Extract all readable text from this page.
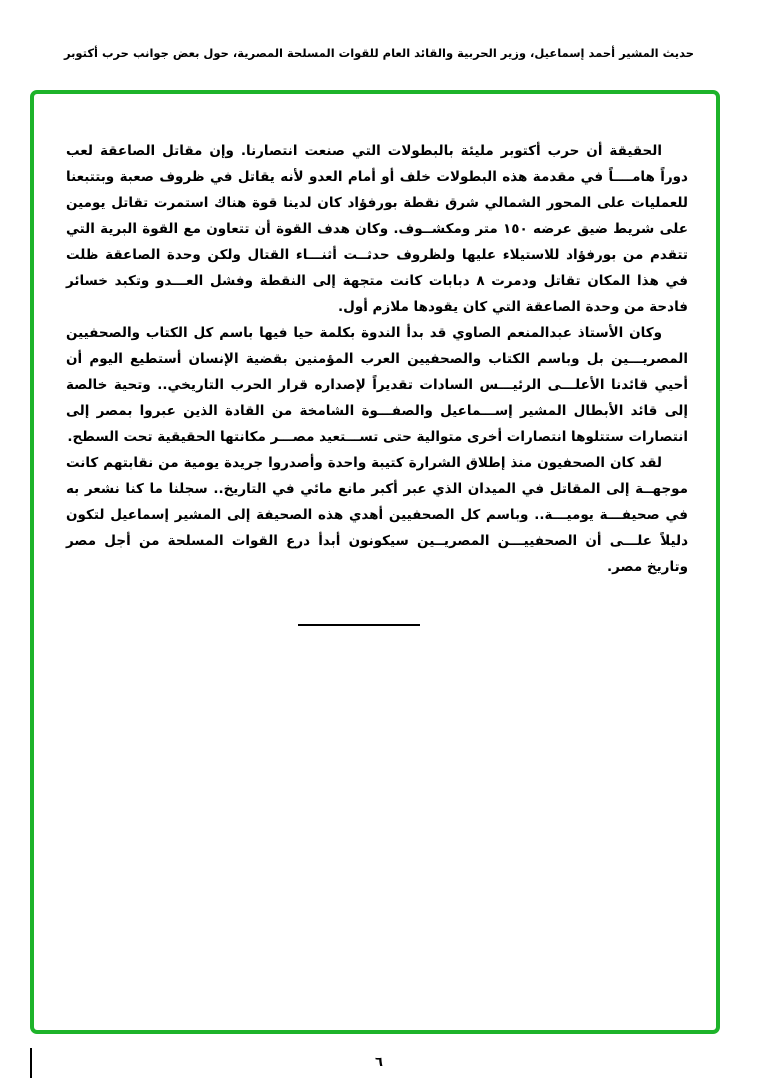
حديث المشير أحمد إسماعيل، وزير الحربية والقائد العام للقوات المسلحة المصرية، حول بعض جوانب حرب أكتوبر

الحقيقة أن حرب أكتوبر مليئة بالبطولات التي صنعت انتصارنا. وإن مقاتل الصاعقة لعب دوراً هامــــاً في مقدمة هذه البطولات خلف أو أمام العدو لأنه يقاتل في ظروف صعبة وبتتبعنا للعمليات على المحور الشمالي شرق نقطة بورفؤاد كان لدينا قوة هناك استمرت تقاتل يومين على شريط ضيق عرضه ١٥٠ متر ومكشــوف. وكان هدف القوة أن تتعاون مع القوة البرية التي تتقدم من بورفؤاد للاستيلاء عليها ولظروف حدثــت أثنـــاء القتال ولكن وحدة الصاعقة ظلت في هذا المكان تقاتل ودمرت ٨ دبابات كانت متجهة إلى النقطة وفشل العـــدو وتكبد خسائر فادحة من وحدة الصاعقة التي كان يقودها ملازم أول.

وكان الأستاذ عبدالمنعم الصاوي قد بدأ الندوة بكلمة حيا فيها باسم كل الكتاب والصحفيين المصريـــين بل وباسم الكتاب والصحفيين العرب المؤمنين بقضية الإنسان أستطيع اليوم أن أحيي قائدنا الأعلـــى الرئيـــس السادات تقديراً لإصداره قرار الحرب التاريخي.. وتحية خالصة إلى قائد الأبطال المشير إســـماعيل والصفـــوة الشامخة من القادة الذين عبروا بمصر إلى انتصارات ستتلوها انتصارات أخرى متوالية حتى تســـتعيد مصـــر مكانتها الحقيقية تحت السطح.

لقد كان الصحفيون منذ إطلاق الشرارة كتيبة واحدة وأصدروا جريدة يومية من نقابتهم كانت موجهــة إلى المقاتل في الميدان الذي عبر أكبر مانع مائي في التاريخ.. سجلنا ما كنا نشعر به في صحيفـــة يوميـــة.. وباسم كل الصحفيين أهدي هذه الصحيفة إلى المشير إسماعيل لتكون دليلاً علـــى أن الصحفييـــن المصريــين سيكونون أبدأ درع القوات المسلحة من أجل مصر وتاريخ مصر.

٦
